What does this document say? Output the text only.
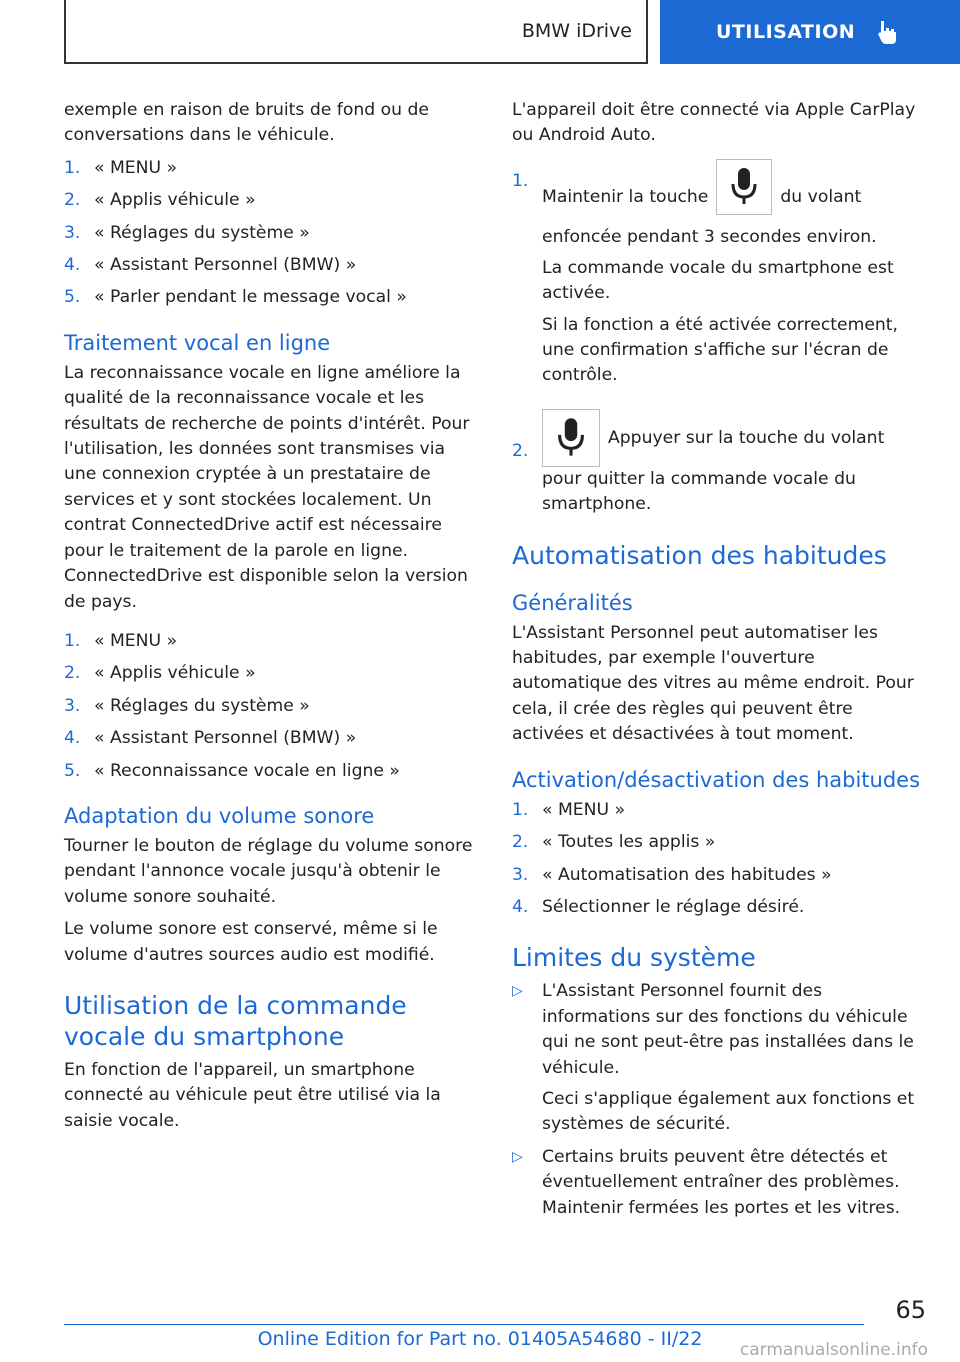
BMW iDrive	UTILISATION

exemple en raison de bruits de fond ou de conversations dans le véhicule.

1. « MENU »
2. « Applis véhicule »
3. « Réglages du système »
4. « Assistant Personnel (BMW) »
5. « Parler pendant le message vocal »
Traitement vocal en ligne

La reconnaissance vocale en ligne améliore la qualité de la reconnaissance vocale et les résultats de recherche de points d'intérêt. Pour l'utilisation, les données sont transmises via une connexion cryptée à un prestataire de services et y sont stockées localement. Un contrat ConnectedDrive actif est nécessaire pour le traitement de la parole en ligne. ConnectedDrive est disponible selon la version de pays.

1. « MENU »
2. « Applis véhicule »
3. « Réglages du système »
4. « Assistant Personnel (BMW) »
5. « Reconnaissance vocale en ligne »
Adaptation du volume sonore

Tourner le bouton de réglage du volume sonore pendant l'annonce vocale jusqu'à obtenir le volume sonore souhaité.

Le volume sonore est conservé, même si le volume d'autres sources audio est modifié.

Utilisation de la commande vocale du smartphone

En fonction de l'appareil, un smartphone connecté au véhicule peut être utilisé via la saisie vocale.

L'appareil doit être connecté via Apple CarPlay ou Android Auto.

1.
Maintenir la touche	du volant enfoncée pendant 3 secondes environ.

La commande vocale du smartphone est activée.

Si la fonction a été activée correctement, une confirmation s'affiche sur l'écran de contrôle.

2.
Appuyer sur la touche du volant pour quitter la commande vocale du smartphone.
Automatisation des habitudes
Généralités

L'Assistant Personnel peut automatiser les habitudes, par exemple l'ouverture automatique des vitres au même endroit. Pour cela, il crée des règles qui peuvent être activées et désactivées à tout moment.

Activation/désactivation des habitudes
1. « MENU »
2. « Toutes les applis »
3. « Automatisation des habitudes »
4. Sélectionner le réglage désiré.
Limites du système
▷	L'Assistant Personnel fournit des informations sur des fonctions du véhicule qui ne sont peut-être pas installées dans le véhicule.

Ceci s'applique également aux fonctions et systèmes de sécurité.

▷	Certains bruits peuvent être détectés et éventuellement entraîner des problèmes. Maintenir fermées les portes et les vitres.
65
Online Edition for Part no. 01405A54680 - II/22	carmanualsonline.info
